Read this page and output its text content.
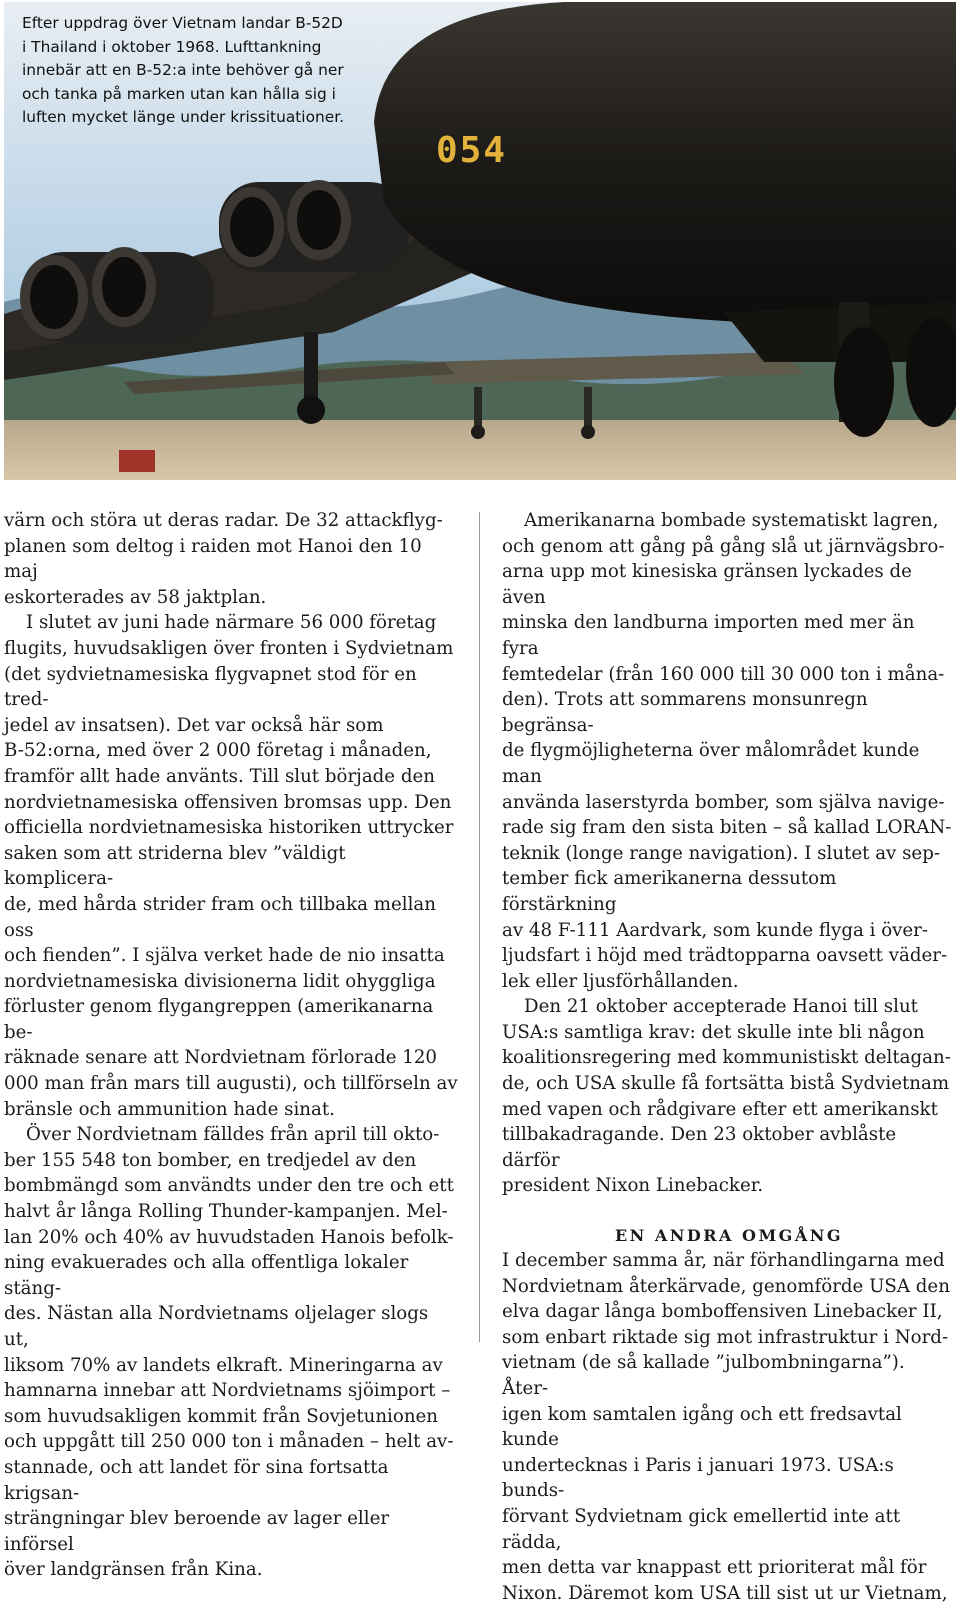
054

Efter uppdrag över Vietnam landar B-52D
i Thailand i oktober 1968. Lufttankning
innebär att en B-52:a inte behöver gå ner
och tanka på marken utan kan hålla sig i
luften mycket länge under krissituationer.

värn och störa ut deras radar. De 32 attackflyg-
planen som deltog i raiden mot Hanoi den 10 maj
eskorterades av 58 jaktplan.

I slutet av juni hade närmare 56 000 företag
flugits, huvudsakligen över fronten i Sydvietnam
(det sydvietnamesiska flygvapnet stod för en tred-
jedel av insatsen). Det var också här som
B-52:orna, med över 2 000 företag i månaden,
framför allt hade använts. Till slut började den
nordvietnamesiska offensiven bromsas upp. Den
officiella nordvietnamesiska historiken uttrycker
saken som att striderna blev ”väldigt komplicera-
de, med hårda strider fram och tillbaka mellan oss
och fienden”. I själva verket hade de nio insatta
nordvietnamesiska divisionerna lidit ohyggliga
förluster genom flygangreppen (amerikanarna be-
räknade senare att Nordvietnam förlorade 120
000 man från mars till augusti), och tillförseln av
bränsle och ammunition hade sinat.

Över Nordvietnam fälldes från april till okto-
ber 155 548 ton bomber, en tredjedel av den
bombmängd som användts under den tre och ett
halvt år långa Rolling Thunder-kampanjen. Mel-
lan 20% och 40% av huvudstaden Hanois befolk-
ning evakuerades och alla offentliga lokaler stäng-
des. Nästan alla Nordvietnams oljelager slogs ut,
liksom 70% av landets elkraft. Mineringarna av
hamnarna innebar att Nordvietnams sjöimport –
som huvudsakligen kommit från Sovjetunionen
och uppgått till 250 000 ton i månaden – helt av-
stannade, och att landet för sina fortsatta krigsan-
strängningar blev beroende av lager eller införsel
över landgränsen från Kina.

Amerikanarna bombade systematiskt lagren,
och genom att gång på gång slå ut järnvägsbro-
arna upp mot kinesiska gränsen lyckades de även
minska den landburna importen med mer än fyra
femtedelar (från 160 000 till 30 000 ton i måna-
den). Trots att sommarens monsunregn begränsa-
de flygmöjligheterna över målområdet kunde man
använda laserstyrda bomber, som själva navige-
rade sig fram den sista biten – så kallad LORAN-
teknik (longe range navigation). I slutet av sep-
tember fick amerikanerna dessutom förstärkning
av 48 F-111 Aardvark, som kunde flyga i över-
ljudsfart i höjd med trädtopparna oavsett väder-
lek eller ljusförhållanden.

Den 21 oktober accepterade Hanoi till slut
USA:s samtliga krav: det skulle inte bli någon
koalitionsregering med kommunistiskt deltagan-
de, och USA skulle få fortsätta bistå Sydvietnam
med vapen och rådgivare efter ett amerikanskt
tillbakadragande. Den 23 oktober avblåste därför
president Nixon Linebacker.

EN ANDRA OMGÅNG

I december samma år, när förhandlingarna med
Nordvietnam återkärvade, genomförde USA den
elva dagar långa bomboffensiven Linebacker II,
som enbart riktade sig mot infrastruktur i Nord-
vietnam (de så kallade ”julbombningarna”). Åter-
igen kom samtalen igång och ett fredsavtal kunde
undertecknas i Paris i januari 1973. USA:s bunds-
förvant Sydvietnam gick emellertid inte att rädda,
men detta var knappast ett prioriterat mål för
Nixon. Däremot kom USA till sist ut ur Vietnam,
